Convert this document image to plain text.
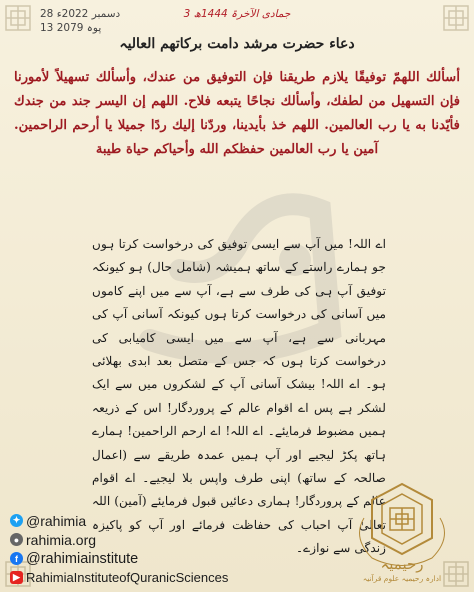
28 دسمبر 2022ء	3 جمادی الآخرۃ 1444ھ
13 پوہ 2079
دعاء حضرت مرشد دامت برکاتھم العالیہ
أسألك اللهمّ توفيقًا يلازم طريقنا فإن التوفيق من عندك، وأسألك تسهيلاً لأمورنا فإن التسهيل من لطفك، وأسألك نجاحًا يتبعه فلاح. اللهم إن اليسر جند من جندك فأيّدنا به يا رب العالمين. اللهم خذ بأيدينا، وردّنا إليك ردًا جميلا يا أرحم الراحمين. آمين يا رب العالمين حفظكم الله وأحياكم حياة طيبة
اے اللہ! میں آپ سے ایسی توفیق کی درخواست کرتا ہوں جو ہمارے راستے کے ساتھ ہمیشہ (شامل حال) ہو کیونکہ توفیق آپ ہی کی طرف سے ہے، آپ سے میں اپنے کاموں میں آسانی کی درخواست کرتا ہوں کیونکہ آسانی آپ کی مہربانی سے ہے، آپ سے میں ایسی کامیابی کی درخواست کرتا ہوں کہ جس کے متصل بعد ابدی بھلائی ہو۔ اے اللہ! بیشک آسانی آپ کے لشکروں میں سے ایک لشکر ہے پس اے اقوام عالم کے پروردگار! اس کے ذریعہ ہمیں مضبوط فرمایئے۔ اے اللہ! اے ارحم الراحمین! ہمارے ہاتھ پکڑ لیجیے اور آپ ہمیں عمدہ طریقے سے (اعمال صالحہ کے ساتھ) اپنی طرف واپس بلا لیجیے۔ اے اقوام عالم کے پروردگار! ہماری دعائیں قبول فرمایئے (آمین) اللہ تعالیٰ آپ احباب کی حفاظت فرمائے اور آپ کو پاکیزہ زندگی سے نوازے۔
✦ @rahimia
● rahimia.org
f @rahimiainstitute
▶ RahimiaInstituteofQuranicSciences
رحیمیہ
ادارہ رحیمیہ علوم قرآنیہ
